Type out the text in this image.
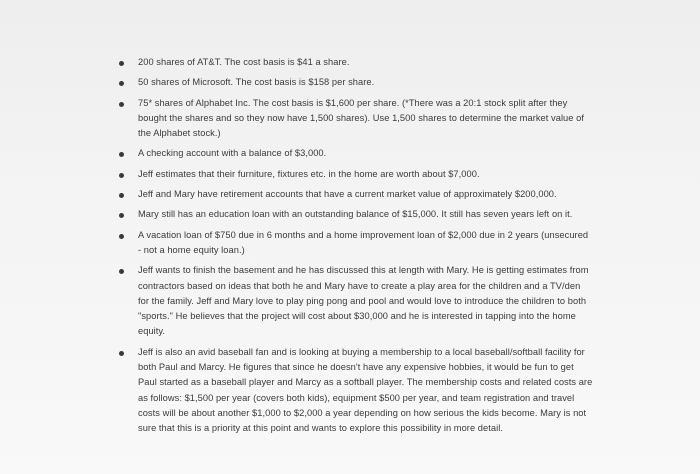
200 shares of AT&T. The cost basis is $41 a share.
50 shares of Microsoft. The cost basis is $158 per share.
75* shares of Alphabet Inc. The cost basis is $1,600 per share. (*There was a 20:1 stock split after they bought the shares and so they now have 1,500 shares). Use 1,500 shares to determine the market value of the Alphabet stock.)
A checking account with a balance of $3,000.
Jeff estimates that their furniture, fixtures etc. in the home are worth about $7,000.
Jeff and Mary have retirement accounts that have a current market value of approximately $200,000.
Mary still has an education loan with an outstanding balance of $15,000. It still has seven years left on it.
A vacation loan of $750 due in 6 months and a home improvement loan of $2,000 due in 2 years (unsecured - not a home equity loan.)
Jeff wants to finish the basement and he has discussed this at length with Mary. He is getting estimates from contractors based on ideas that both he and Mary have to create a play area for the children and a TV/den for the family. Jeff and Mary love to play ping pong and pool and would love to introduce the children to both "sports." He believes that the project will cost about $30,000 and he is interested in tapping into the home equity.
Jeff is also an avid baseball fan and is looking at buying a membership to a local baseball/softball facility for both Paul and Marcy. He figures that since he doesn't have any expensive hobbies, it would be fun to get Paul started as a baseball player and Marcy as a softball player. The membership costs and related costs are as follows: $1,500 per year (covers both kids), equipment $500 per year, and team registration and travel costs will be about another $1,000 to $2,000 a year depending on how serious the kids become. Mary is not sure that this is a priority at this point and wants to explore this possibility in more detail.
